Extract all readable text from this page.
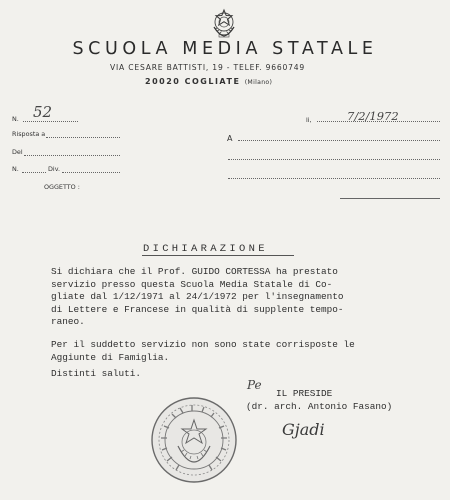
SCUOLA MEDIA STATALE
VIA CESARE BATTISTI, 19 - TELEF. 9660749
20020 COGLIATE (Milano)
N. 52
Risposta a
Del
N.	Div.
OGGETTO :
li,	7/2/1972
A
DICHIARAZIONE
Si dichiara che il Prof. GUIDO CORTESSA ha prestato
servizio presso questa Scuola Media Statale di Co-
gliate dal 1/12/1971 al 24/1/1972 per l'insegnamento
di Lettere e Francese in qualità di supplente tempo-
raneo.
Per il suddetto servizio non sono state corrisposte le
Aggiunte di Famiglia.
Distinti saluti.
Pe
IL PRESIDE
(dr. arch. Antonio Fasano)
Gjadi
